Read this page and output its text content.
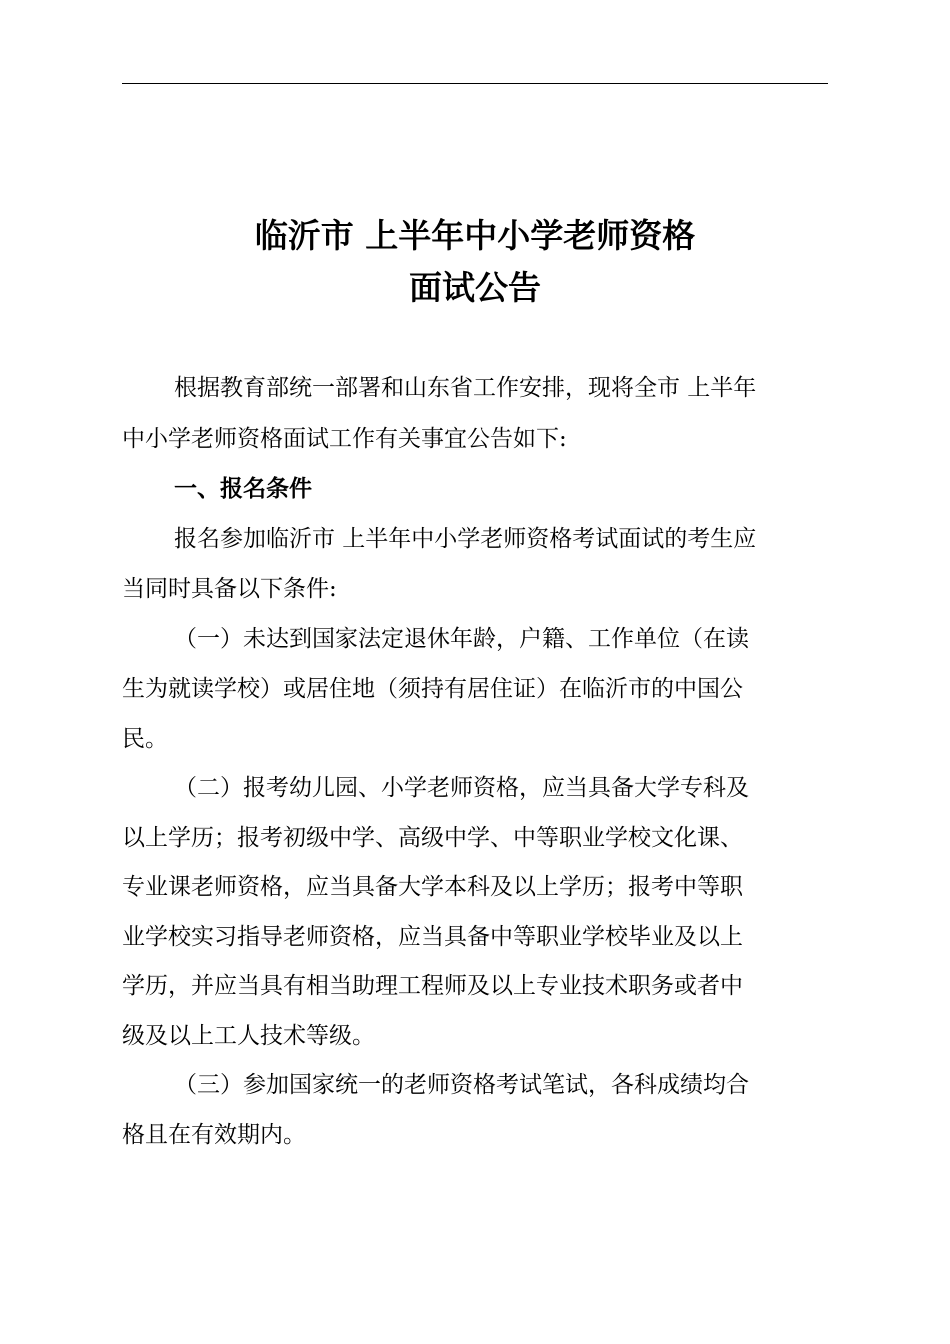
临沂市 上半年中小学老师资格
面试公告
根据教育部统一部署和山东省工作安排，现将全市 上半年
中小学老师资格面试工作有关事宜公告如下:
一、报名条件
报名参加临沂市 上半年中小学老师资格考试面试的考生应
当同时具备以下条件:
（一）未达到国家法定退休年龄，户籍、工作单位（在读
生为就读学校）或居住地（须持有居住证）在临沂市的中国公
民。
（二）报考幼儿园、小学老师资格，应当具备大学专科及
以上学历；报考初级中学、高级中学、中等职业学校文化课、
专业课老师资格，应当具备大学本科及以上学历；报考中等职
业学校实习指导老师资格，应当具备中等职业学校毕业及以上
学历，并应当具有相当助理工程师及以上专业技术职务或者中
级及以上工人技术等级。
（三）参加国家统一的老师资格考试笔试，各科成绩均合
格且在有效期内。
